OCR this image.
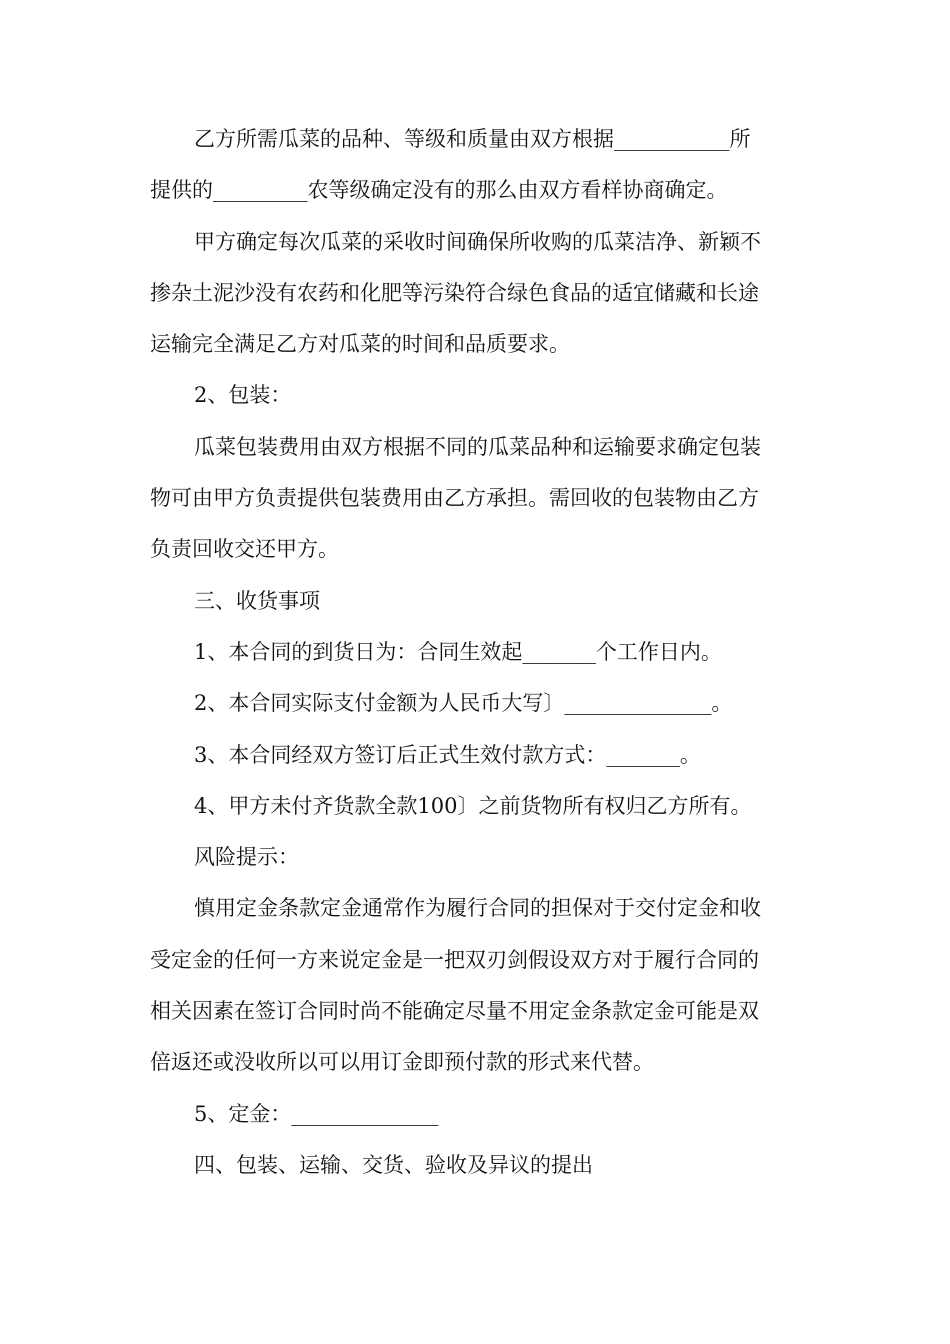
乙方所需瓜菜的品种、等级和质量由双方根据___________所

提供的_________农等级确定没有的那么由双方看样协商确定。

甲方确定每次瓜菜的采收时间确保所收购的瓜菜洁净、新颖不

掺杂土泥沙没有农药和化肥等污染符合绿色食品的适宜储藏和长途

运输完全满足乙方对瓜菜的时间和品质要求。

2、包装：

瓜菜包装费用由双方根据不同的瓜菜品种和运输要求确定包装

物可由甲方负责提供包装费用由乙方承担。需回收的包装物由乙方

负责回收交还甲方。

三、收货事项

1、本合同的到货日为：合同生效起_______个工作日内。

2、本合同实际支付金额为人民币大写〕______________。

3、本合同经双方签订后正式生效付款方式：_______。

4、甲方未付齐货款全款100〕之前货物所有权归乙方所有。

风险提示：

慎用定金条款定金通常作为履行合同的担保对于交付定金和收

受定金的任何一方来说定金是一把双刃剑假设双方对于履行合同的

相关因素在签订合同时尚不能确定尽量不用定金条款定金可能是双

倍返还或没收所以可以用订金即预付款的形式来代替。

5、定金：______________

四、包装、运输、交货、验收及异议的提出
